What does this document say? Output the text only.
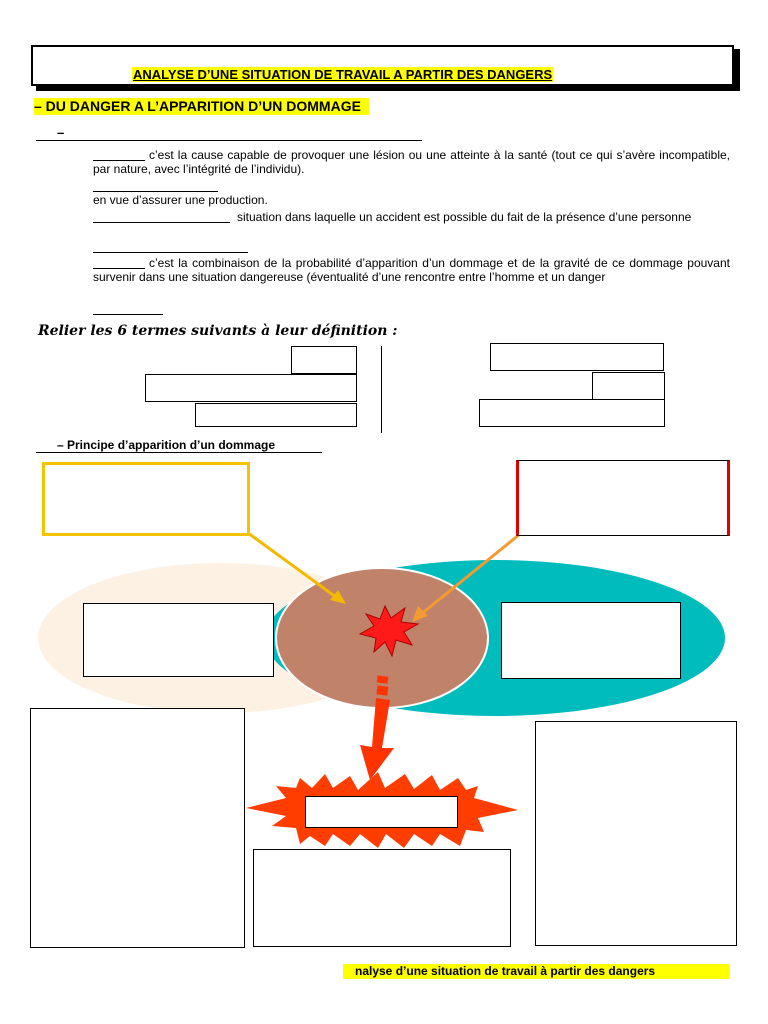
ANALYSE D’UNE SITUATION DE TRAVAIL A PARTIR DES DANGERS
– DU DANGER A L’APPARITION D’UN DOMMAGE
–
c’est la cause capable de provoquer une lésion ou une atteinte à la santé (tout ce qui s’avère incompatible, par nature, avec l’intégrité de l’individu).
en vue d’assurer une production.
situation dans laquelle un accident est possible du fait de la présence d’une personne
c’est la combinaison de la probabilité d’apparition d’un dommage et de la gravité de ce dommage pouvant survenir dans une situation dangereuse (éventualité d’une rencontre entre l’homme et un danger
Relier les 6 termes suivants à leur définition :
– Principe d’apparition d’un dommage
nalyse d’une situation de travail à partir des dangers
